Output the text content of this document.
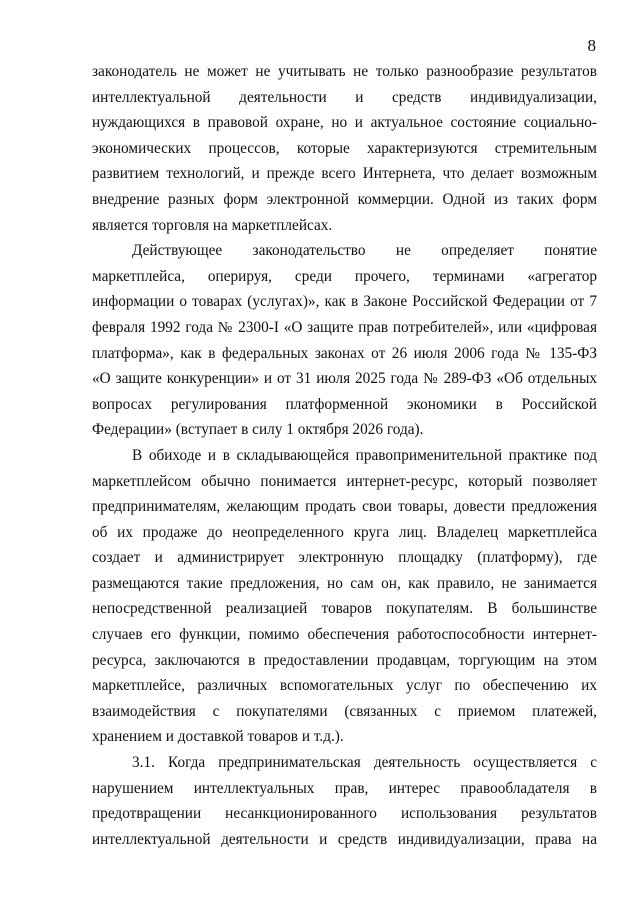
8
законодатель не может не учитывать не только разнообразие результатов
интеллектуальной деятельности и средств индивидуализации,
нуждающихся в правовой охране, но и актуальное состояние социально-
экономических процессов, которые характеризуются стремительным
развитием технологий, и прежде всего Интернета, что делает возможным
внедрение разных форм электронной коммерции. Одной из таких форм
является торговля на маркетплейсах.
Действующее законодательство не определяет понятие
маркетплейса, оперируя, среди прочего, терминами «агрегатор
информации о товарах (услугах)», как в Законе Российской Федерации от 7
февраля 1992 года № 2300-I «О защите прав потребителей», или «цифровая
платформа», как в федеральных законах от 26 июля 2006 года № 135-ФЗ
«О защите конкуренции» и от 31 июля 2025 года № 289-ФЗ «Об отдельных
вопросах регулирования платформенной экономики в Российской
Федерации» (вступает в силу 1 октября 2026 года).
В обиходе и в складывающейся правоприменительной практике под
маркетплейсом обычно понимается интернет-ресурс, который позволяет
предпринимателям, желающим продать свои товары, довести предложения
об их продаже до неопределенного круга лиц. Владелец маркетплейса
создает и администрирует электронную площадку (платформу), где
размещаются такие предложения, но сам он, как правило, не занимается
непосредственной реализацией товаров покупателям. В большинстве
случаев его функции, помимо обеспечения работоспособности интернет-
ресурса, заключаются в предоставлении продавцам, торгующим на этом
маркетплейсе, различных вспомогательных услуг по обеспечению их
взаимодействия с покупателями (связанных с приемом платежей,
хранением и доставкой товаров и т.д.).
3.1. Когда предпринимательская деятельность осуществляется с
нарушением интеллектуальных прав, интерес правообладателя в
предотвращении несанкционированного использования результатов
интеллектуальной деятельности и средств индивидуализации, права на
